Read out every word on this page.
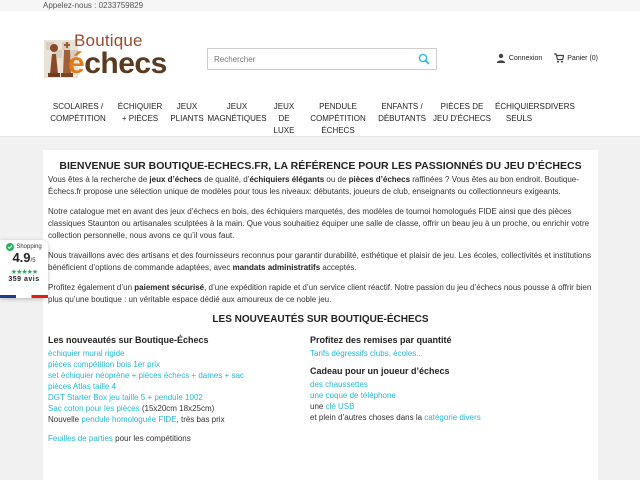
Appelez-nous : 0233759829
Boutique
échecs
Rechercher	Connexion	Panier (0)
SCOLAIRES / COMPÉTITION
ÉCHIQUIER + PIÈCES
JEUX PLIANTS
JEUX MAGNÉTIQUES
JEUX DE LUXE
PENDULE COMPÉTITION ÉCHECS
ENFANTS / DÉBUTANTS
PIÈCES DE JEU D'ÉCHECS
ÉCHIQUIERS SEULS
DIVERS
BIENVENUE SUR BOUTIQUE-ECHECS.FR, LA RÉFÉRENCE POUR LES PASSIONNÉS DU JEU D’ÉCHECS

Vous êtes à la recherche de jeux d’échecs de qualité, d’échiquiers élégants ou de pièces d’échecs raffinées ? Vous êtes au bon endroit. Boutique-Échecs.fr propose une sélection unique de modèles pour tous les niveaux: débutants, joueurs de club, enseignants ou collectionneurs exigeants.

Notre catalogue met en avant des jeux d’échecs en bois, des échiquiers marquetés, des modèles de tournoi homologués FIDE ainsi que des pièces classiques Staunton ou artisanales sculptées à la main. Que vous souhaitiez équiper une salle de classe, offrir un beau jeu à un proche, ou enrichir votre collection personnelle, nous avons ce qu’il vous faut.

Nous travaillons avec des artisans et des fournisseurs reconnus pour garantir durabilité, esthétique et plaisir de jeu. Les écoles, collectivités et institutions bénéficient d’options de commande adaptées, avec mandats administratifs acceptés.

Profitez également d’un paiement sécurisé, d’une expédition rapide et d’un service client réactif. Notre passion du jeu d’échecs nous pousse à offrir bien plus qu’une boutique : un véritable espace dédié aux amoureux de ce noble jeu.

LES NOUVEAUTÉS SUR BOUTIQUE-ÉCHECS
Les nouveautés sur Boutique-Échecs
échiquier mural rigide
pièces compétition bois 1er prix
set échiquier néoprène + pièces échecs + dames + sac
pièces Atlas taille 4
DGT Starter Box jeu taille 5 + pendule 1002
Sac coton pour les pièces (15x20cm 18x25cm)
Nouvelle pendule homologuée FIDE, très bas prix
Feuilles de parties pour les compétitions
Profitez des remises par quantité
Tarifs dégressifs clubs, écoles...
Cadeau pour un joueur d’échecs
des chaussettes
une coque de téléphone
une clé USB
et plein d’autres choses dans la catégorie divers
Shopping
4.9/5
★★★★★
359 avis
